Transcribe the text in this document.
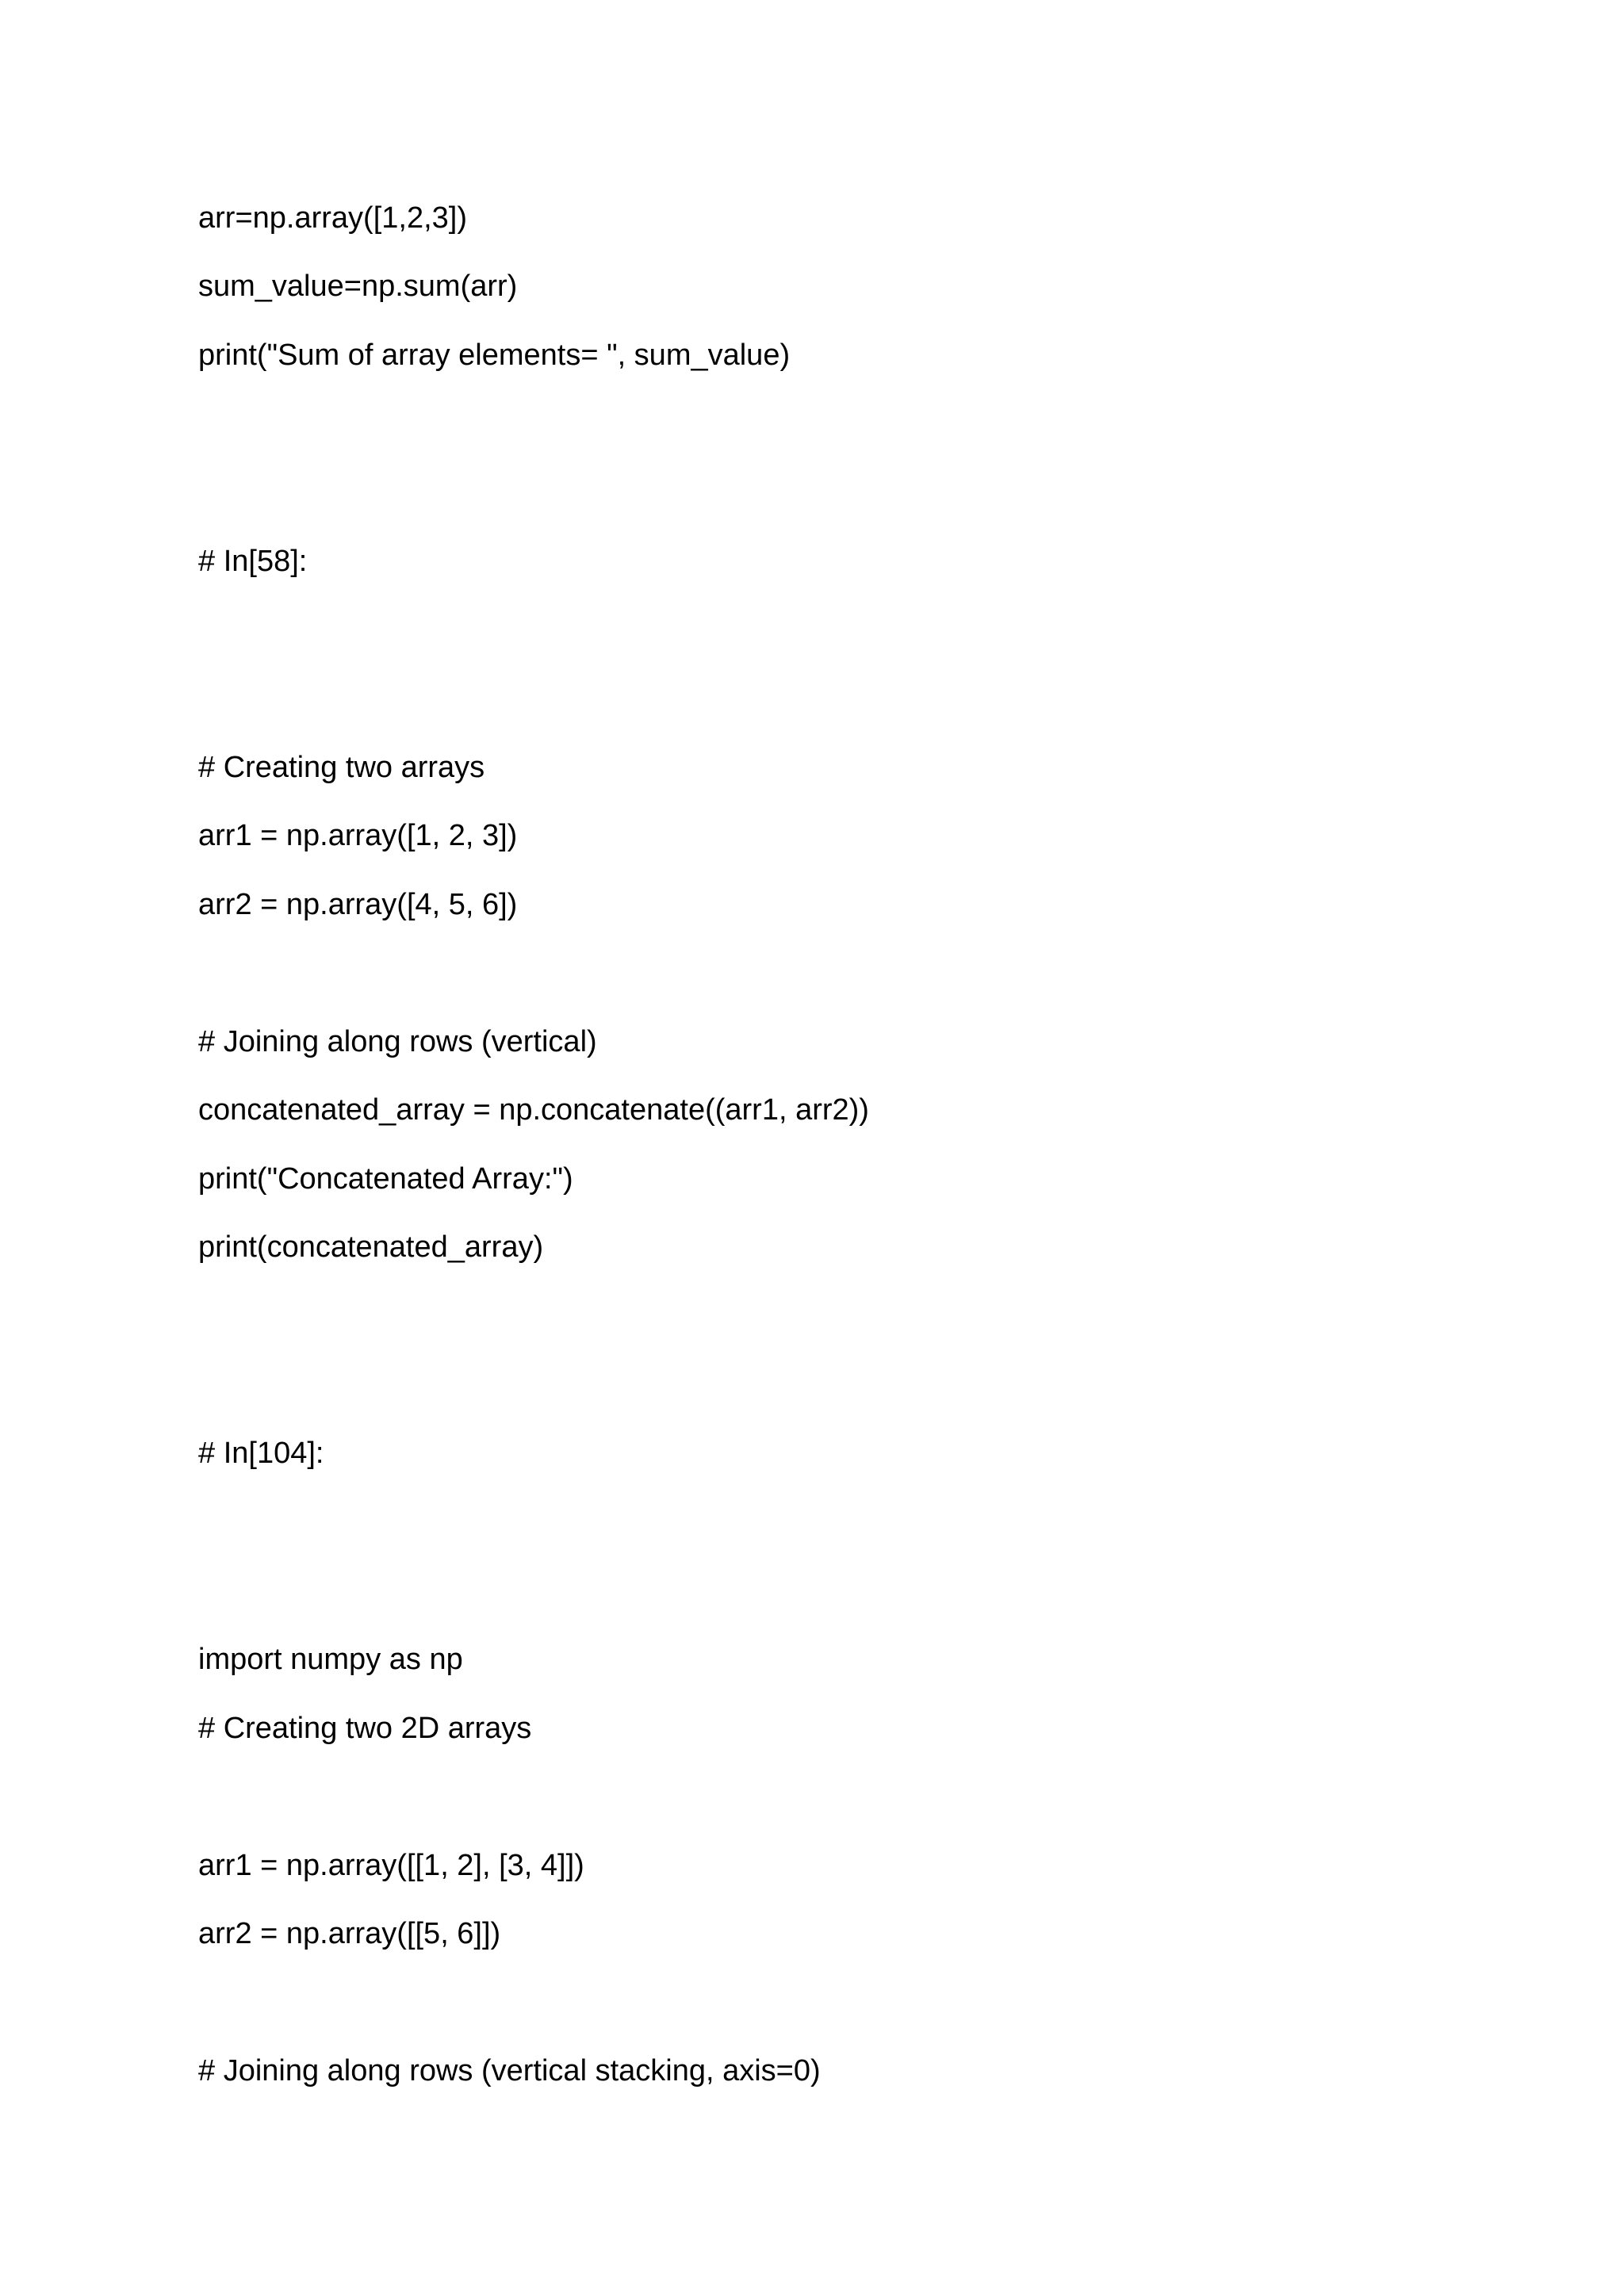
arr=np.array([1,2,3])
sum_value=np.sum(arr)
print("Sum of array elements= ", sum_value)
# In[58]:
# Creating two arrays
arr1 = np.array([1, 2, 3])
arr2 = np.array([4, 5, 6])
# Joining along rows (vertical)
concatenated_array = np.concatenate((arr1, arr2))
print("Concatenated Array:")
print(concatenated_array)
# In[104]:
import numpy as np
# Creating two 2D arrays
arr1 = np.array([[1, 2], [3, 4]])
arr2 = np.array([[5, 6]])
# Joining along rows (vertical stacking, axis=0)
